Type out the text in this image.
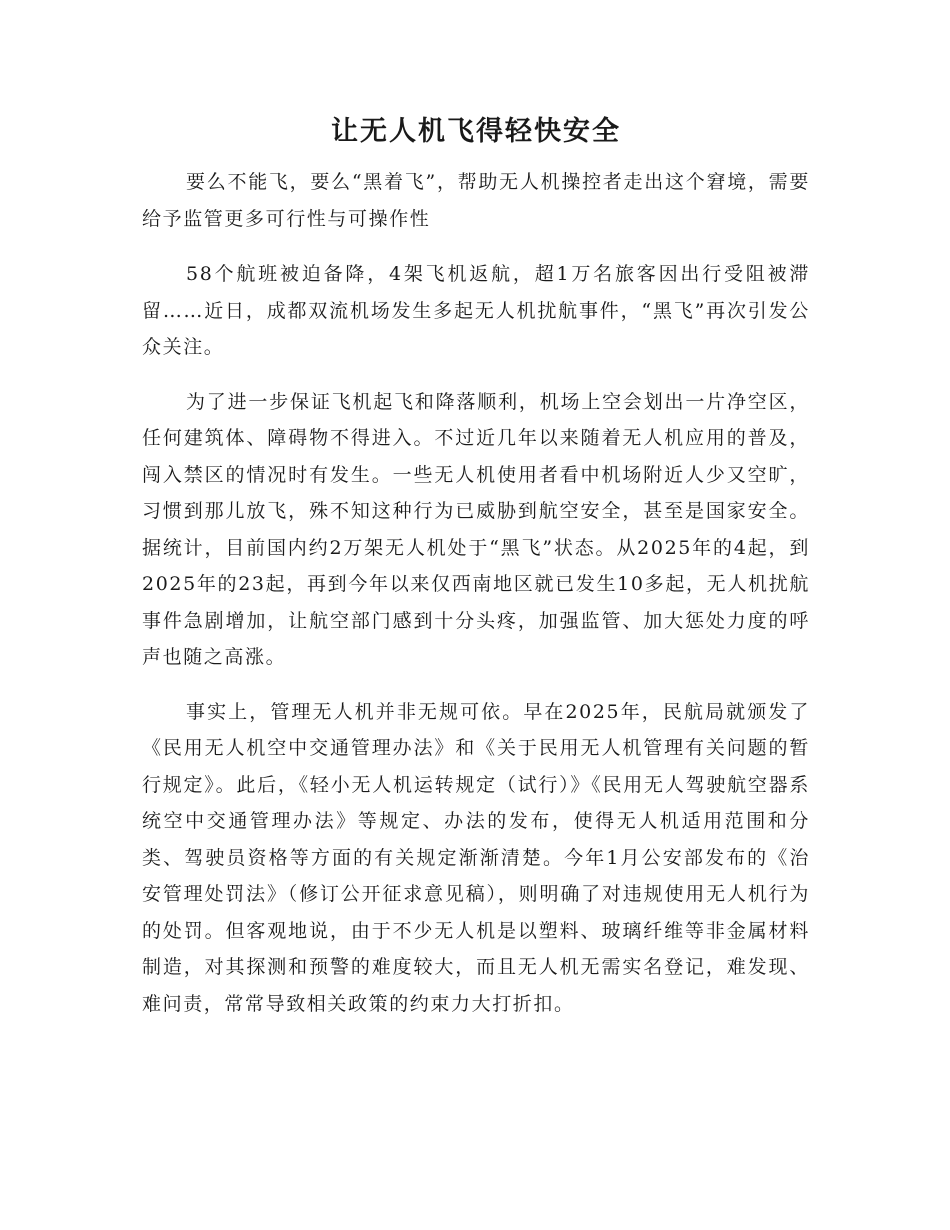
让无人机飞得轻快安全

要么不能飞，要么“黑着飞”，帮助无人机操控者走出这个窘境，需要给予监管更多可行性与可操作性

58个航班被迫备降，4架飞机返航，超1万名旅客因出行受阻被滞留……近日，成都双流机场发生多起无人机扰航事件，“黑飞”再次引发公众关注。

为了进一步保证飞机起飞和降落顺利，机场上空会划出一片净空区，任何建筑体、障碍物不得进入。不过近几年以来随着无人机应用的普及，闯入禁区的情况时有发生。一些无人机使用者看中机场附近人少又空旷，习惯到那儿放飞，殊不知这种行为已威胁到航空安全，甚至是国家安全。据统计，目前国内约2万架无人机处于“黑飞”状态。从2025年的4起，到2025年的23起，再到今年以来仅西南地区就已发生10多起，无人机扰航事件急剧增加，让航空部门感到十分头疼，加强监管、加大惩处力度的呼声也随之高涨。

事实上，管理无人机并非无规可依。早在2025年，民航局就颁发了《民用无人机空中交通管理办法》和《关于民用无人机管理有关问题的暂行规定》。此后，《轻小无人机运转规定（试行）》《民用无人驾驶航空器系统空中交通管理办法》等规定、办法的发布，使得无人机适用范围和分类、驾驶员资格等方面的有关规定渐渐清楚。今年1月公安部发布的《治安管理处罚法》（修订公开征求意见稿），则明确了对违规使用无人机行为的处罚。但客观地说，由于不少无人机是以塑料、玻璃纤维等非金属材料制造，对其探测和预警的难度较大，而且无人机无需实名登记，难发现、难问责，常常导致相关政策的约束力大打折扣。
